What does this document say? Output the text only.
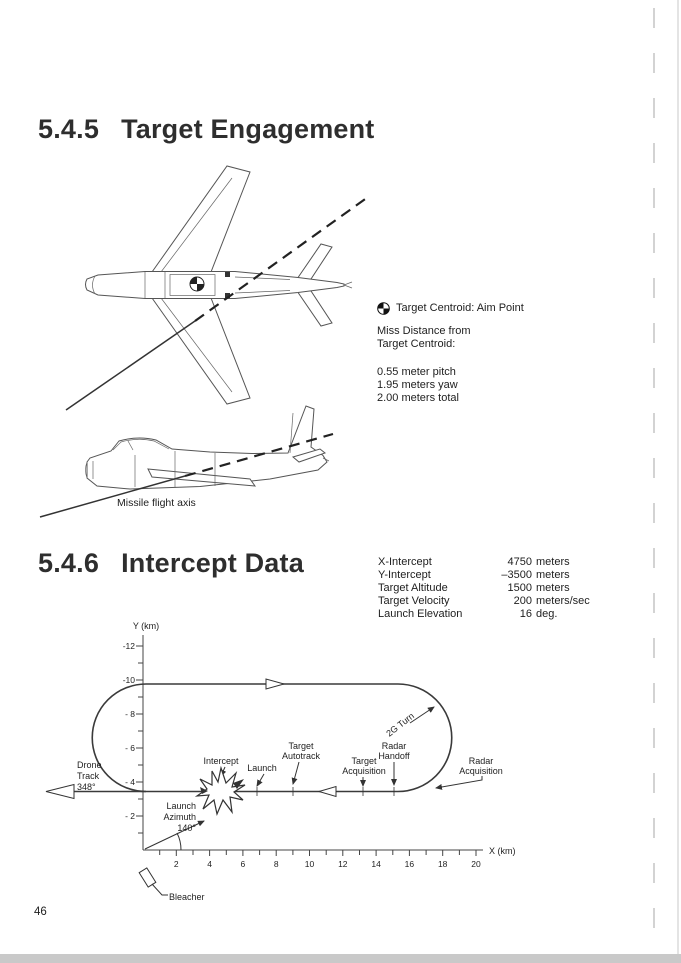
5.4.5 Target Engagement
Missile flight axis
Target Centroid: Aim Point
Miss Distance from
Target Centroid:
0.55 meter pitch
1.95 meters yaw
2.00 meters total
5.4.6 Intercept Data	X-Intercept	4750 meters
Y-Intercept	–3500 meters
Target Altitude	1500 meters
Target Velocity	200 meters/sec
Launch Elevation	16 deg.
Y (km)
X (km)
-12
-10
- 8
- 6
- 4
- 2
2	4	6	8	10	12	14	16	18	20
Drone
Track
348°
Launch
Azimuth
140°
Intercept
Launch
Target
Autotrack	Target
Acquisition
Radar
Handoff	Radar
Acquisition
2G Turn
Bleacher
46
